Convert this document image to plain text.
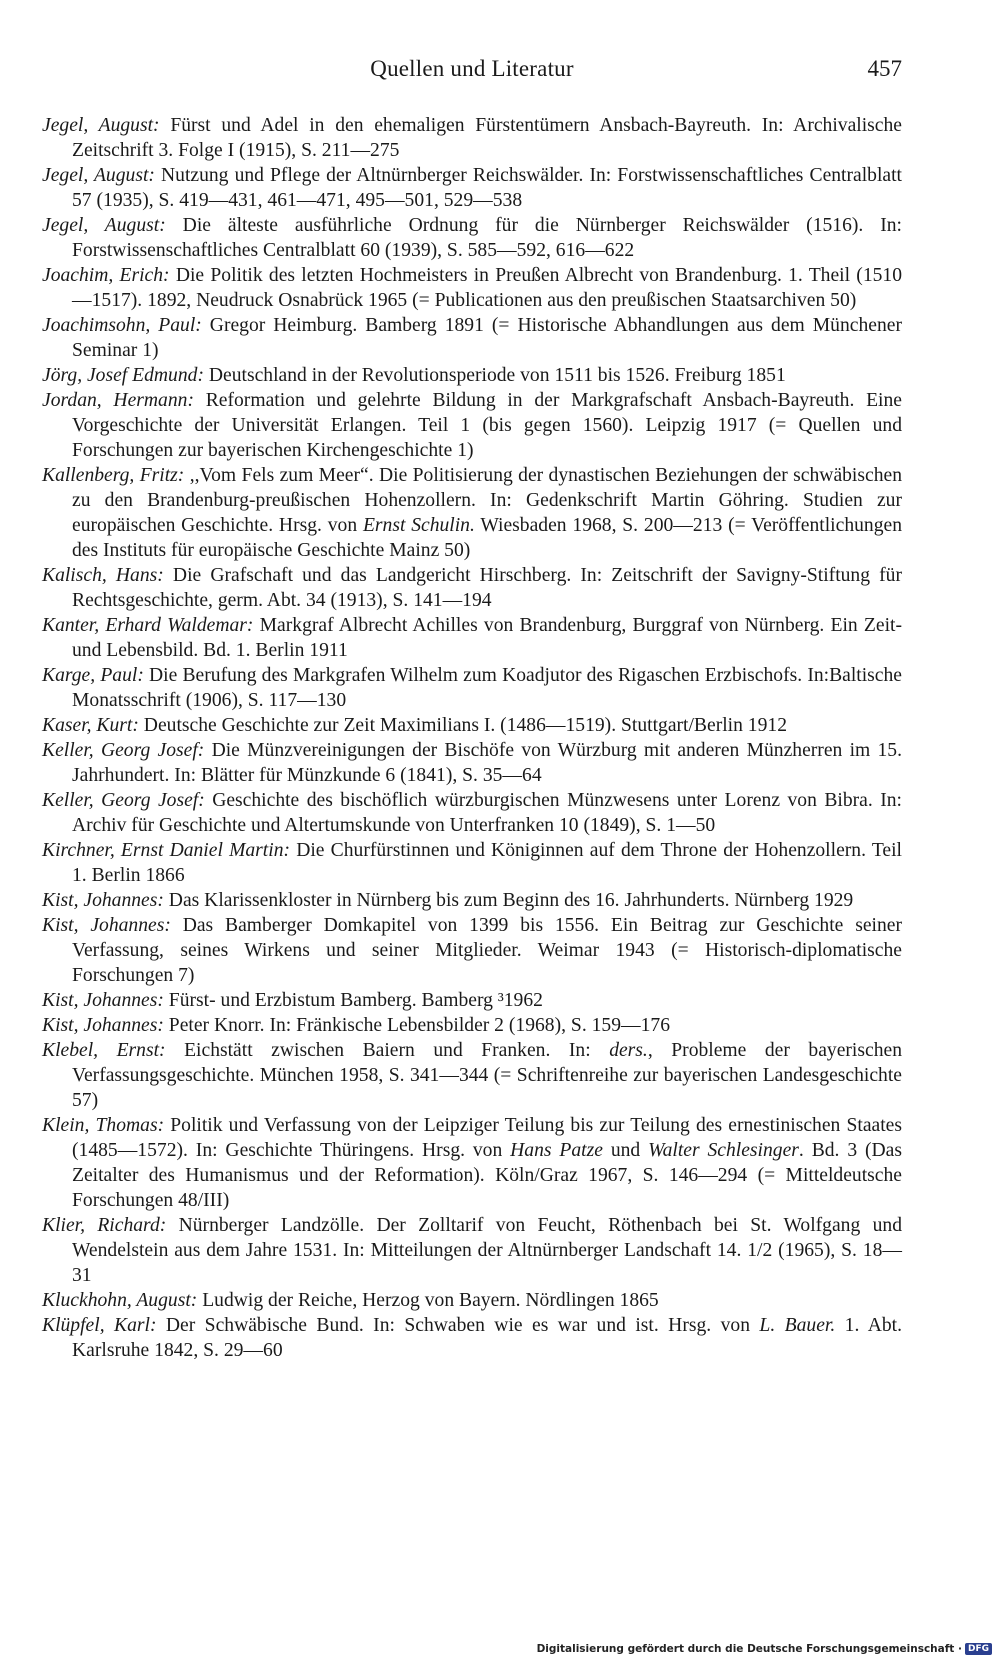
Quellen und Literatur	457

Jegel, August: Fürst und Adel in den ehemaligen Fürstentümern Ansbach-Bayreuth. In: Archivalische Zeitschrift 3. Folge I (1915), S. 211—275

Jegel, August: Nutzung und Pflege der Altnürnberger Reichswälder. In: Forstwissenschaftliches Centralblatt 57 (1935), S. 419—431, 461—471, 495—501, 529—538

Jegel, August: Die älteste ausführliche Ordnung für die Nürnberger Reichswälder (1516). In: Forstwissenschaftliches Centralblatt 60 (1939), S. 585—592, 616—622

Joachim, Erich: Die Politik des letzten Hochmeisters in Preußen Albrecht von Brandenburg. 1. Theil (1510—1517). 1892, Neudruck Osnabrück 1965 (= Publicationen aus den preußischen Staatsarchiven 50)

Joachimsohn, Paul: Gregor Heimburg. Bamberg 1891 (= Historische Abhandlungen aus dem Münchener Seminar 1)

Jörg, Josef Edmund: Deutschland in der Revolutionsperiode von 1511 bis 1526. Freiburg 1851

Jordan, Hermann: Reformation und gelehrte Bildung in der Markgrafschaft Ansbach-Bayreuth. Eine Vorgeschichte der Universität Erlangen. Teil 1 (bis gegen 1560). Leipzig 1917 (= Quellen und Forschungen zur bayerischen Kirchengeschichte 1)

Kallenberg, Fritz: ,,Vom Fels zum Meer“. Die Politisierung der dynastischen Beziehungen der schwäbischen zu den Brandenburg-preußischen Hohenzollern. In: Gedenkschrift Martin Göhring. Studien zur europäischen Geschichte. Hrsg. von Ernst Schulin. Wiesbaden 1968, S. 200—213 (= Veröffentlichungen des Instituts für europäische Geschichte Mainz 50)

Kalisch, Hans: Die Grafschaft und das Landgericht Hirschberg. In: Zeitschrift der Savigny-Stiftung für Rechtsgeschichte, germ. Abt. 34 (1913), S. 141—194

Kanter, Erhard Waldemar: Markgraf Albrecht Achilles von Brandenburg, Burggraf von Nürnberg. Ein Zeit- und Lebensbild. Bd. 1. Berlin 1911

Karge, Paul: Die Berufung des Markgrafen Wilhelm zum Koadjutor des Rigaschen Erzbischofs. In:Baltische Monatsschrift (1906), S. 117—130

Kaser, Kurt: Deutsche Geschichte zur Zeit Maximilians I. (1486—1519). Stuttgart/Berlin 1912

Keller, Georg Josef: Die Münzvereinigungen der Bischöfe von Würzburg mit anderen Münzherren im 15. Jahrhundert. In: Blätter für Münzkunde 6 (1841), S. 35—64

Keller, Georg Josef: Geschichte des bischöflich würzburgischen Münzwesens unter Lorenz von Bibra. In: Archiv für Geschichte und Altertumskunde von Unterfranken 10 (1849), S. 1—50

Kirchner, Ernst Daniel Martin: Die Churfürstinnen und Königinnen auf dem Throne der Hohenzollern. Teil 1. Berlin 1866

Kist, Johannes: Das Klarissenkloster in Nürnberg bis zum Beginn des 16. Jahrhunderts. Nürnberg 1929

Kist, Johannes: Das Bamberger Domkapitel von 1399 bis 1556. Ein Beitrag zur Geschichte seiner Verfassung, seines Wirkens und seiner Mitglieder. Weimar 1943 (= Historisch-diplomatische Forschungen 7)

Kist, Johannes: Fürst- und Erzbistum Bamberg. Bamberg ³1962

Kist, Johannes: Peter Knorr. In: Fränkische Lebensbilder 2 (1968), S. 159—176

Klebel, Ernst: Eichstätt zwischen Baiern und Franken. In: ders., Probleme der bayerischen Verfassungsgeschichte. München 1958, S. 341—344 (= Schriftenreihe zur bayerischen Landesgeschichte 57)

Klein, Thomas: Politik und Verfassung von der Leipziger Teilung bis zur Teilung des ernestinischen Staates (1485—1572). In: Geschichte Thüringens. Hrsg. von Hans Patze und Walter Schlesinger. Bd. 3 (Das Zeitalter des Humanismus und der Reformation). Köln/Graz 1967, S. 146—294 (= Mitteldeutsche Forschungen 48/III)

Klier, Richard: Nürnberger Landzölle. Der Zolltarif von Feucht, Röthenbach bei St. Wolfgang und Wendelstein aus dem Jahre 1531. In: Mitteilungen der Altnürnberger Landschaft 14. 1/2 (1965), S. 18—31

Kluckhohn, August: Ludwig der Reiche, Herzog von Bayern. Nördlingen 1865

Klüpfel, Karl: Der Schwäbische Bund. In: Schwaben wie es war und ist. Hrsg. von L. Bauer. 1. Abt. Karlsruhe 1842, S. 29—60

Digitalisierung gefördert durch die Deutsche Forschungsgemeinschaft · DFG
